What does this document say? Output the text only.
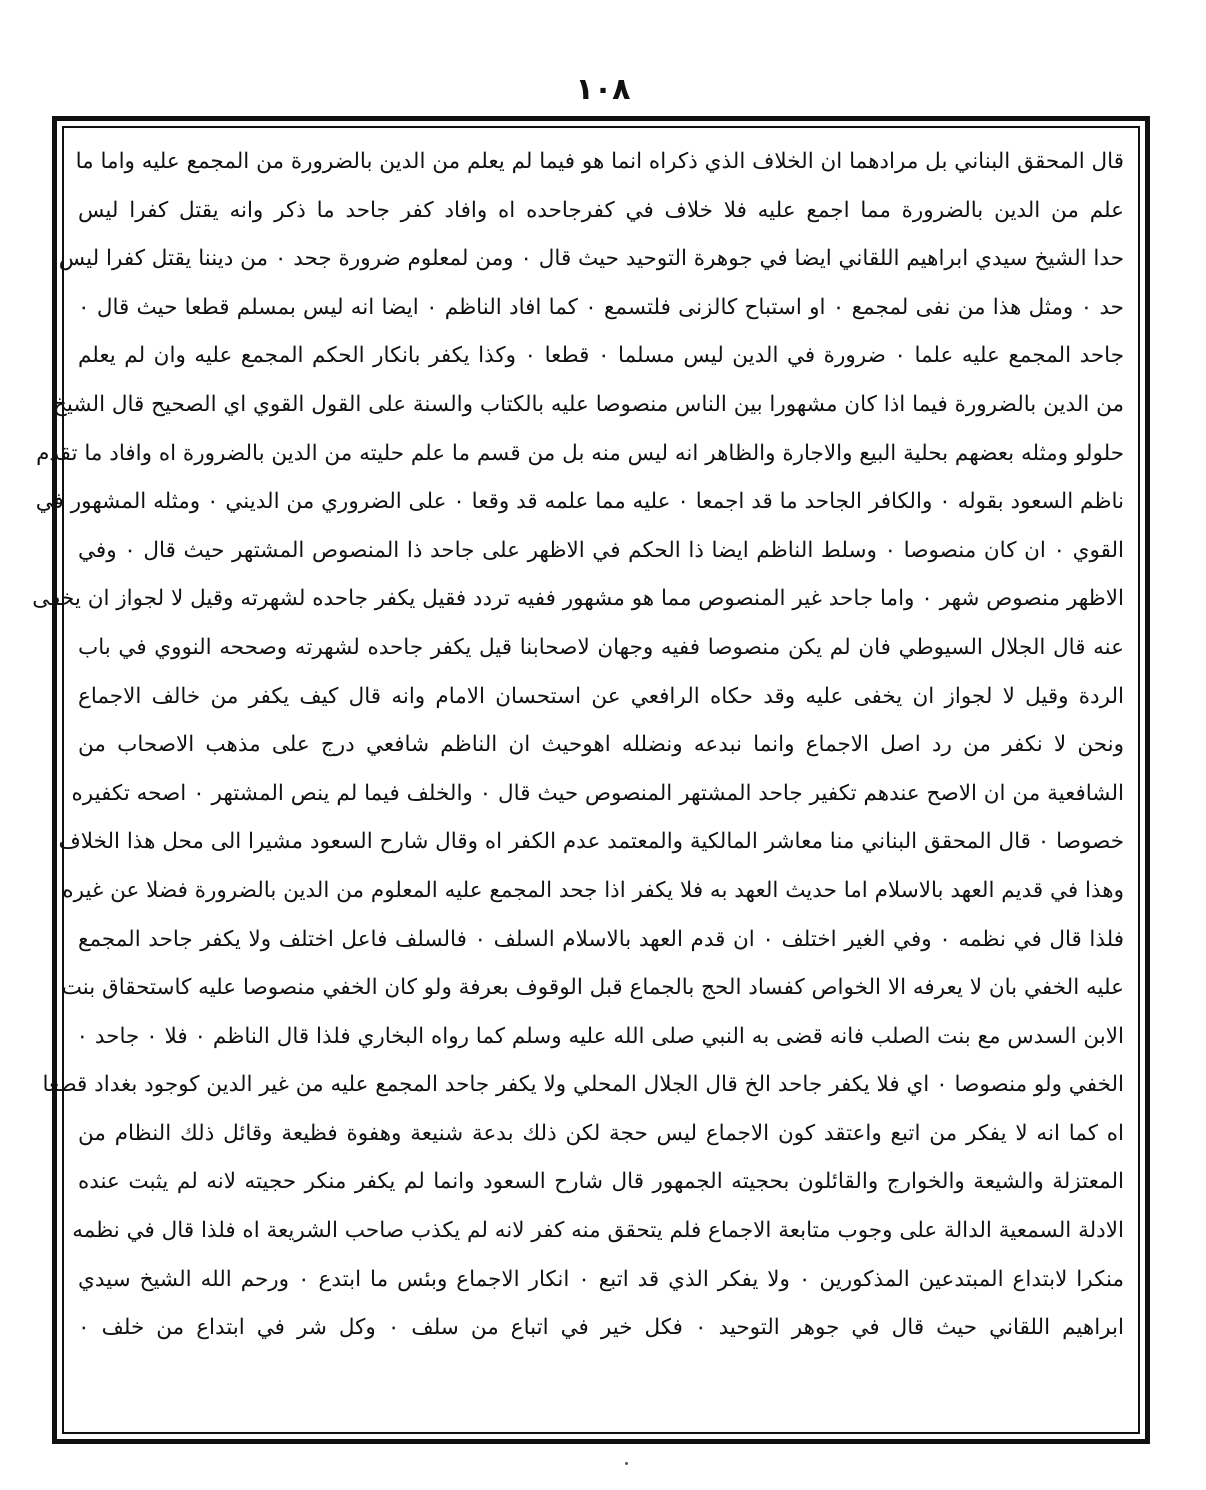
١٠٨
قال المحقق البناني بل مرادهما ان الخلاف الذي ذكراه انما هو فيما لم يعلم من الدين بالضرورة من المجمع عليه واما ما
علم من الدين بالضرورة مما اجمع عليه فلا خلاف في كفرجاحده اه وافاد كفر جاحد ما ذكر وانه يقتل كفرا ليس
حدا الشيخ سيدي ابراهيم اللقاني ايضا في جوهرة التوحيد حيث قال ٠ ومن لمعلوم ضرورة جحد ٠ من ديننا يقتل كفرا ليس
حد ٠ ومثل هذا من نفى لمجمع ٠ او استباح كالزنى فلتسمع ٠ كما افاد الناظم ٠ ايضا انه ليس بمسلم قطعا حيث قال ٠
جاحد المجمع عليه علما ٠ ضرورة في الدين ليس مسلما ٠ قطعا ٠ وكذا يكفر بانكار الحكم المجمع عليه وان لم يعلم
من الدين بالضرورة فيما اذا كان مشهورا بين الناس منصوصا عليه بالكتاب والسنة على القول القوي اي الصحيح قال الشيخ
حلولو ومثله بعضهم بحلية البيع والاجارة والظاهر انه ليس منه بل من قسم ما علم حليته من الدين بالضرورة اه وافاد ما تقدم
ناظم السعود بقوله ٠ والكافر الجاحد ما قد اجمعا ٠ عليه مما علمه قد وقعا ٠ على الضروري من الديني ٠ ومثله المشهور في
القوي ٠ ان كان منصوصا ٠ وسلط الناظم ايضا ذا الحكم في الاظهر على جاحد ذا المنصوص المشتهر حيث قال ٠ وفي
الاظهر منصوص شهر ٠ واما جاحد غير المنصوص مما هو مشهور ففيه تردد فقيل يكفر جاحده لشهرته وقيل لا لجواز ان يخفى
عنه قال الجلال السيوطي فان لم يكن منصوصا ففيه وجهان لاصحابنا قيل يكفر جاحده لشهرته وصححه النووي في باب
الردة وقيل لا لجواز ان يخفى عليه وقد حكاه الرافعي عن استحسان الامام وانه قال كيف يكفر من خالف الاجماع
ونحن لا نكفر من رد اصل الاجماع وانما نبدعه ونضلله اهوحيث ان الناظم شافعي درج على مذهب الاصحاب من
الشافعية من ان الاصح عندهم تكفير جاحد المشتهر المنصوص حيث قال ٠ والخلف فيما لم ينص المشتهر ٠ اصحه تكفيره
خصوصا ٠ قال المحقق البناني منا معاشر المالكية والمعتمد عدم الكفر اه وقال شارح السعود مشيرا الى محل هذا الخلاف
وهذا في قديم العهد بالاسلام اما حديث العهد به فلا يكفر اذا جحد المجمع عليه المعلوم من الدين بالضرورة فضلا عن غيره
فلذا قال في نظمه ٠ وفي الغير اختلف ٠ ان قدم العهد بالاسلام السلف ٠ فالسلف فاعل اختلف ولا يكفر جاحد المجمع
عليه الخفي بان لا يعرفه الا الخواص كفساد الحج بالجماع قبل الوقوف بعرفة ولو كان الخفي منصوصا عليه كاستحقاق بنت
الابن السدس مع بنت الصلب فانه قضى به النبي صلى الله عليه وسلم كما رواه البخاري فلذا قال الناظم ٠ فلا ٠ جاحد ٠
الخفي ولو منصوصا ٠ اي فلا يكفر جاحد الخ قال الجلال المحلي ولا يكفر جاحد المجمع عليه من غير الدين كوجود بغداد قطعا
اه كما انه لا يفكر من اتبع واعتقد كون الاجماع ليس حجة لكن ذلك بدعة شنيعة وهفوة فظيعة وقائل ذلك النظام من
المعتزلة والشيعة والخوارج والقائلون بحجيته الجمهور قال شارح السعود وانما لم يكفر منكر حجيته لانه لم يثبت عنده
الادلة السمعية الدالة على وجوب متابعة الاجماع فلم يتحقق منه كفر لانه لم يكذب صاحب الشريعة اه فلذا قال في نظمه
منكرا لابتداع المبتدعين المذكورين ٠ ولا يفكر الذي قد اتبع ٠ انكار الاجماع وبئس ما ابتدع ٠ ورحم الله الشيخ سيدي
ابراهيم اللقاني حيث قال في جوهر التوحيد ٠ فكل خير في اتباع من سلف ٠ وكل شر في ابتداع من خلف ٠
